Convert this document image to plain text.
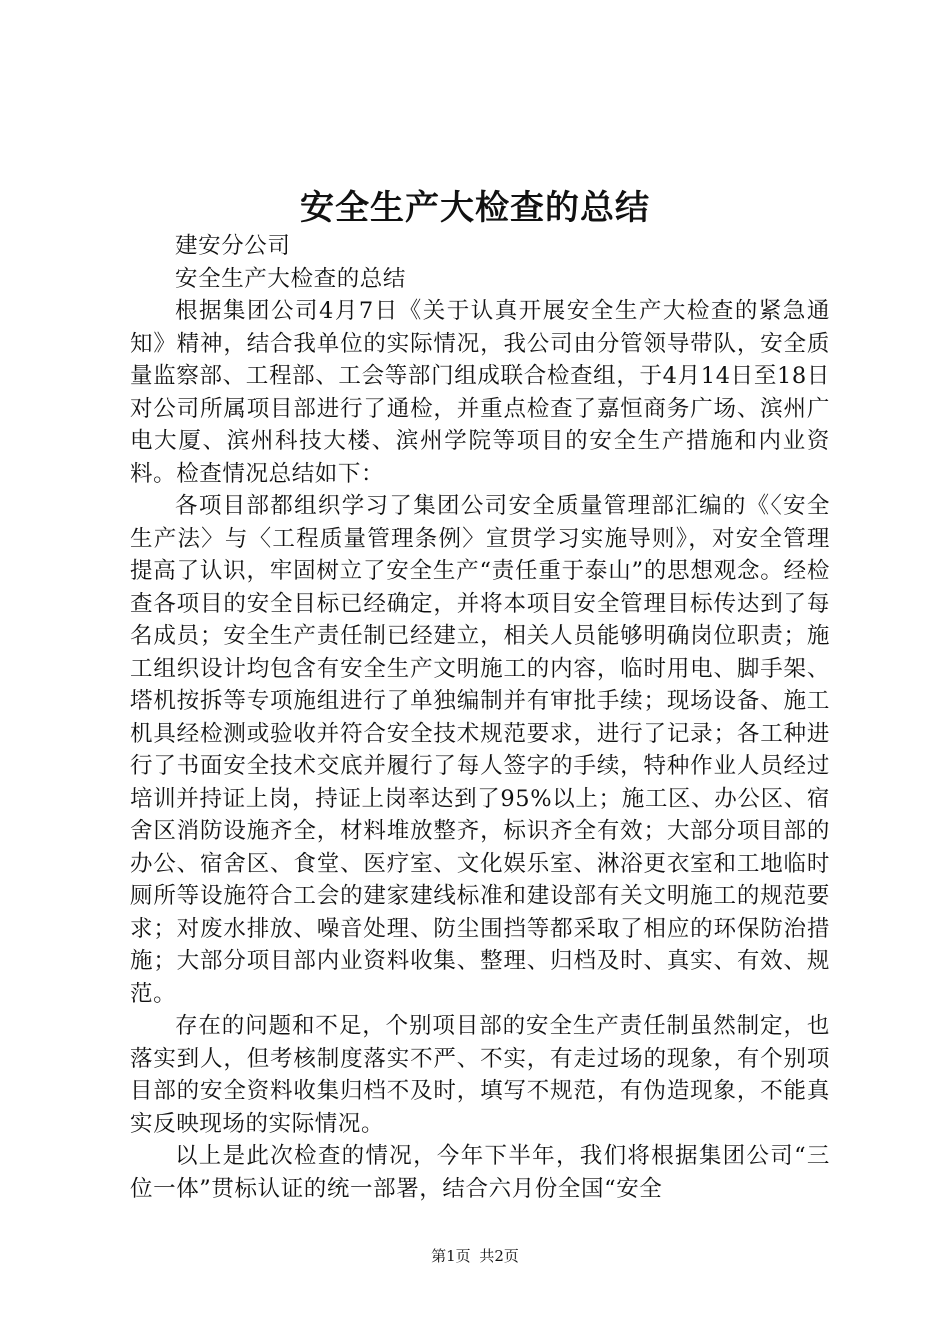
安全生产大检查的总结

建安分公司

安全生产大检查的总结

根据集团公司4月7日《关于认真开展安全生产大检查的紧急通知》精神，结合我单位的实际情况，我公司由分管领导带队，安全质量监察部、工程部、工会等部门组成联合检查组，于4月14日至18日对公司所属项目部进行了通检，并重点检查了嘉恒商务广场、滨州广电大厦、滨州科技大楼、滨州学院等项目的安全生产措施和内业资料。检查情况总结如下：

各项目部都组织学习了集团公司安全质量管理部汇编的《〈安全生产法〉与〈工程质量管理条例〉宣贯学习实施导则》，对安全管理提高了认识，牢固树立了安全生产“责任重于泰山”的思想观念。经检查各项目的安全目标已经确定，并将本项目安全管理目标传达到了每名成员；安全生产责任制已经建立，相关人员能够明确岗位职责；施工组织设计均包含有安全生产文明施工的内容，临时用电、脚手架、塔机按拆等专项施组进行了单独编制并有审批手续；现场设备、施工机具经检测或验收并符合安全技术规范要求，进行了记录；各工种进行了书面安全技术交底并履行了每人签字的手续，特种作业人员经过培训并持证上岗，持证上岗率达到了95%以上；施工区、办公区、宿舍区消防设施齐全，材料堆放整齐，标识齐全有效；大部分项目部的办公、宿舍区、食堂、医疗室、文化娱乐室、淋浴更衣室和工地临时厕所等设施符合工会的建家建线标准和建设部有关文明施工的规范要求；对废水排放、噪音处理、防尘围挡等都采取了相应的环保防治措施；大部分项目部内业资料收集、整理、归档及时、真实、有效、规范。

存在的问题和不足，个别项目部的安全生产责任制虽然制定，也落实到人，但考核制度落实不严、不实，有走过场的现象，有个别项目部的安全资料收集归档不及时，填写不规范，有伪造现象，不能真实反映现场的实际情况。

以上是此次检查的情况，今年下半年，我们将根据集团公司“三位一体”贯标认证的统一部署，结合六月份全国“安全

第1页 共2页
